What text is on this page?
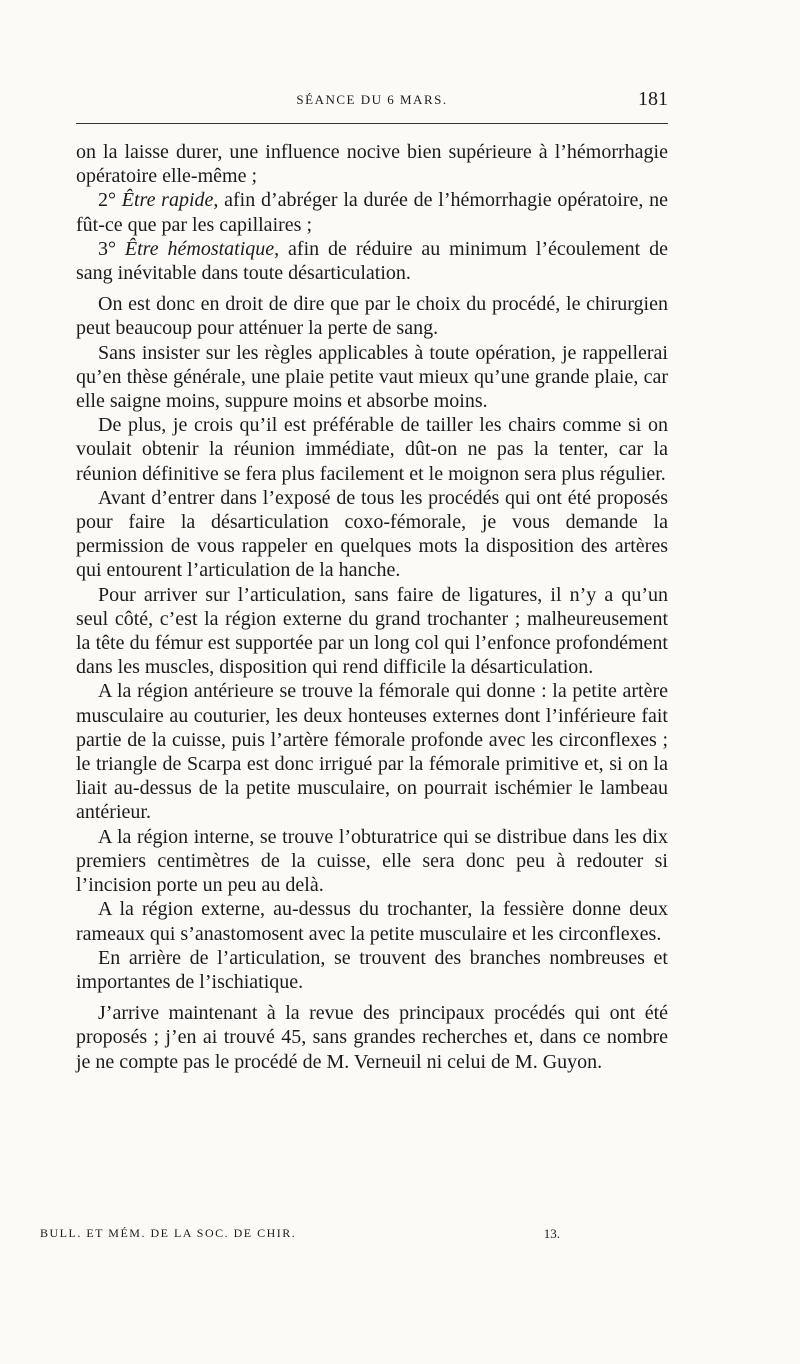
SÉANCE DU 6 MARS.	181

on la laisse durer, une influence nocive bien supérieure à l’hémorrhagie opératoire elle-même ;

2° Être rapide, afin d’abréger la durée de l’hémorrhagie opératoire, ne fût-ce que par les capillaires ;

3° Être hémostatique, afin de réduire au minimum l’écoulement de sang inévitable dans toute désarticulation.

On est donc en droit de dire que par le choix du procédé, le chirurgien peut beaucoup pour atténuer la perte de sang.

Sans insister sur les règles applicables à toute opération, je rappellerai qu’en thèse générale, une plaie petite vaut mieux qu’une grande plaie, car elle saigne moins, suppure moins et absorbe moins.

De plus, je crois qu’il est préférable de tailler les chairs comme si on voulait obtenir la réunion immédiate, dût-on ne pas la tenter, car la réunion définitive se fera plus facilement et le moignon sera plus régulier.

Avant d’entrer dans l’exposé de tous les procédés qui ont été proposés pour faire la désarticulation coxo-fémorale, je vous demande la permission de vous rappeler en quelques mots la disposition des artères qui entourent l’articulation de la hanche.

Pour arriver sur l’articulation, sans faire de ligatures, il n’y a qu’un seul côté, c’est la région externe du grand trochanter ; malheureusement la tête du fémur est supportée par un long col qui l’enfonce profondément dans les muscles, disposition qui rend difficile la désarticulation.

A la région antérieure se trouve la fémorale qui donne : la petite artère musculaire au couturier, les deux honteuses externes dont l’inférieure fait partie de la cuisse, puis l’artère fémorale profonde avec les circonflexes ; le triangle de Scarpa est donc irrigué par la fémorale primitive et, si on la liait au-dessus de la petite musculaire, on pourrait ischémier le lambeau antérieur.

A la région interne, se trouve l’obturatrice qui se distribue dans les dix premiers centimètres de la cuisse, elle sera donc peu à redouter si l’incision porte un peu au delà.

A la région externe, au-dessus du trochanter, la fessière donne deux rameaux qui s’anastomosent avec la petite musculaire et les circonflexes.

En arrière de l’articulation, se trouvent des branches nombreuses et importantes de l’ischiatique.

J’arrive maintenant à la revue des principaux procédés qui ont été proposés ; j’en ai trouvé 45, sans grandes recherches et, dans ce nombre je ne compte pas le procédé de M. Verneuil ni celui de M. Guyon.

BULL. ET MÉM. DE LA SOC. DE CHIR.	13.
